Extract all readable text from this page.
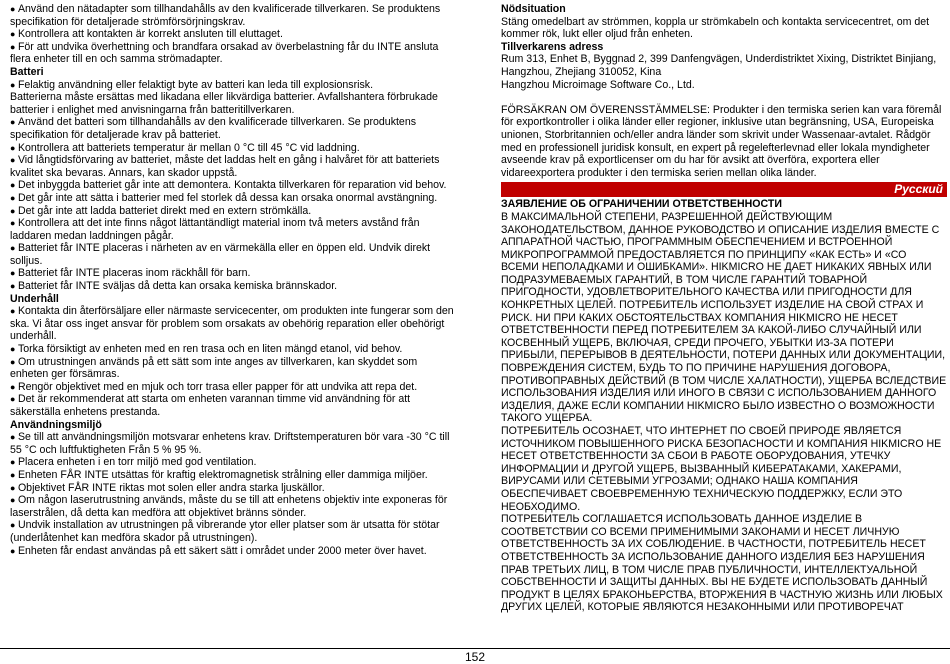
● Använd den nätadapter som tillhandahålls av den kvalificerade tillverkaren. Se produktens specifikation för detaljerade strömförsörjningskrav.

● Kontrollera att kontakten är korrekt ansluten till eluttaget.

● För att undvika överhettning och brandfara orsakad av överbelastning får du INTE ansluta flera enheter till en och samma strömadapter.

Batteri

● Felaktig användning eller felaktigt byte av batteri kan leda till explosionsrisk.

Batterierna måste ersättas med likadana eller likvärdiga batterier. Avfallshantera förbrukade batterier i enlighet med anvisningarna från batteritillverkaren.

● Använd det batteri som tillhandahålls av den kvalificerade tillverkaren. Se produktens specifikation för detaljerade krav på batteriet.

● Kontrollera att batteriets temperatur är mellan 0 °C till 45 °C vid laddning.

● Vid långtidsförvaring av batteriet, måste det laddas helt en gång i halvåret för att batteriets kvalitet ska bevaras. Annars, kan skador uppstå.

● Det inbyggda batteriet går inte att demontera. Kontakta tillverkaren för reparation vid behov.

● Det går inte att sätta i batterier med fel storlek då dessa kan orsaka onormal avstängning.

● Det går inte att ladda batteriet direkt med en extern strömkälla.

● Kontrollera att det inte finns något lättantändligt material inom två meters avstånd från laddaren medan laddningen pågår.

● Batteriet får INTE placeras i närheten av en värmekälla eller en öppen eld. Undvik direkt solljus.

● Batteriet får INTE placeras inom räckhåll för barn.

● Batteriet får INTE sväljas då detta kan orsaka kemiska brännskador.

Underhåll

● Kontakta din återförsäljare eller närmaste servicecenter, om produkten inte fungerar som den ska. Vi åtar oss inget ansvar för problem som orsakats av obehörig reparation eller obehörigt underhåll.

● Torka försiktigt av enheten med en ren trasa och en liten mängd etanol, vid behov.

● Om utrustningen används på ett sätt som inte anges av tillverkaren, kan skyddet som enheten ger försämras.

● Rengör objektivet med en mjuk och torr trasa eller papper för att undvika att repa det.

● Det är rekommenderat att starta om enheten varannan timme vid användning för att säkerställa enhetens prestanda.

Användningsmiljö

● Se till att användningsmiljön motsvarar enhetens krav. Driftstemperaturen bör vara -30 °C till 55 °C och luftfuktigheten Från 5 % 95 %.

● Placera enheten i en torr miljö med god ventilation.

● Enheten FÅR INTE utsättas för kraftig elektromagnetisk strålning eller dammiga miljöer.

● Objektivet FÅR INTE riktas mot solen eller andra starka ljuskällor.

● Om någon laserutrustning används, måste du se till att enhetens objektiv inte exponeras för laserstrålen, då detta kan medföra att objektivet bränns sönder.

● Undvik installation av utrustningen på vibrerande ytor eller platser som är utsatta för stötar (underlåtenhet kan medföra skador på utrustningen).

● Enheten får endast användas på ett säkert sätt i området under 2000 meter över havet.

Nödsituation

Stäng omedelbart av strömmen, koppla ur strömkabeln och kontakta servicecentret, om det kommer rök, lukt eller oljud från enheten.

Tillverkarens adress

Rum 313, Enhet B, Byggnad 2, 399 Danfengvägen, Underdistriktet Xixing, Distriktet Binjiang, Hangzhou, Zhejiang 310052, Kina

Hangzhou Microimage Software Co., Ltd.

FÖRSÄKRAN OM ÖVERENSSTÄMMELSE: Produkter i den termiska serien kan vara föremål för exportkontroller i olika länder eller regioner, inklusive utan begränsning, USA, Europeiska unionen, Storbritannien och/eller andra länder som skrivit under Wassenaar-avtalet. Rådgör med en professionell juridisk konsult, en expert på regelefterlevnad eller lokala myndigheter avseende krav på exportlicenser om du har för avsikt att överföra, exportera eller vidareexportera produkter i den termiska serien mellan olika länder.

Русский

ЗАЯВЛЕНИЕ ОБ ОГРАНИЧЕНИИ ОТВЕТСТВЕННОСТИ

В МАКСИМАЛЬНОЙ СТЕПЕНИ, РАЗРЕШЕННОЙ ДЕЙСТВУЮЩИМ ЗАКОНОДАТЕЛЬСТВОМ, ДАННОЕ РУКОВОДСТВО И ОПИСАНИЕ ИЗДЕЛИЯ ВМЕСТЕ С АППАРАТНОЙ ЧАСТЬЮ, ПРОГРАММНЫМ ОБЕСПЕЧЕНИЕМ И ВСТРОЕННОЙ МИКРОПРОГРАММОЙ ПРЕДОСТАВЛЯЕТСЯ ПО ПРИНЦИПУ «КАК ЕСТЬ» И «СО ВСЕМИ НЕПОЛАДКАМИ И ОШИБКАМИ». HIKMICRO НЕ ДАЕТ НИКАКИХ ЯВНЫХ ИЛИ ПОДРАЗУМЕВАЕМЫХ ГАРАНТИЙ, В ТОМ ЧИСЛЕ ГАРАНТИЙ ТОВАРНОЙ ПРИГОДНОСТИ, УДОВЛЕТВОРИТЕЛЬНОГО КАЧЕСТВА ИЛИ ПРИГОДНОСТИ ДЛЯ КОНКРЕТНЫХ ЦЕЛЕЙ. ПОТРЕБИТЕЛЬ ИСПОЛЬЗУЕТ ИЗДЕЛИЕ НА СВОЙ СТРАХ И РИСК. НИ ПРИ КАКИХ ОБСТОЯТЕЛЬСТВАХ КОМПАНИЯ HIKMICRO НЕ НЕСЕТ ОТВЕТСТВЕННОСТИ ПЕРЕД ПОТРЕБИТЕЛЕМ ЗА КАКОЙ-ЛИБО СЛУЧАЙНЫЙ ИЛИ КОСВЕННЫЙ УЩЕРБ, ВКЛЮЧАЯ, СРЕДИ ПРОЧЕГО, УБЫТКИ ИЗ-ЗА ПОТЕРИ ПРИБЫЛИ, ПЕРЕРЫВОВ В ДЕЯТЕЛЬНОСТИ, ПОТЕРИ ДАННЫХ ИЛИ ДОКУМЕНТАЦИИ, ПОВРЕЖДЕНИЯ СИСТЕМ, БУДЬ ТО ПО ПРИЧИНЕ НАРУШЕНИЯ ДОГОВОРА, ПРОТИВОПРАВНЫХ ДЕЙСТВИЙ (В ТОМ ЧИСЛЕ ХАЛАТНОСТИ), УЩЕРБА ВСЛЕДСТВИЕ ИСПОЛЬЗОВАНИЯ ИЗДЕЛИЯ ИЛИ ИНОГО В СВЯЗИ С ИСПОЛЬЗОВАНИЕМ ДАННОГО ИЗДЕЛИЯ, ДАЖЕ ЕСЛИ КОМПАНИИ HIKMICRO БЫЛО ИЗВЕСТНО О ВОЗМОЖНОСТИ ТАКОГО УЩЕРБА.

ПОТРЕБИТЕЛЬ ОСОЗНАЕТ, ЧТО ИНТЕРНЕТ ПО СВОЕЙ ПРИРОДЕ ЯВЛЯЕТСЯ ИСТОЧНИКОМ ПОВЫШЕННОГО РИСКА БЕЗОПАСНОСТИ И КОМПАНИЯ HIKMICRO НЕ НЕСЕТ ОТВЕТСТВЕННОСТИ ЗА СБОИ В РАБОТЕ ОБОРУДОВАНИЯ, УТЕЧКУ ИНФОРМАЦИИ И ДРУГОЙ УЩЕРБ, ВЫЗВАННЫЙ КИБЕРАТАКАМИ, ХАКЕРАМИ, ВИРУСАМИ ИЛИ СЕТЕВЫМИ УГРОЗАМИ; ОДНАКО НАША КОМПАНИЯ ОБЕСПЕЧИВАЕТ СВОЕВРЕМЕННУЮ ТЕХНИЧЕСКУЮ ПОДДЕРЖКУ, ЕСЛИ ЭТО НЕОБХОДИМО.

ПОТРЕБИТЕЛЬ СОГЛАШАЕТСЯ ИСПОЛЬЗОВАТЬ ДАННОЕ ИЗДЕЛИЕ В СООТВЕТСТВИИ СО ВСЕМИ ПРИМЕНИМЫМИ ЗАКОНАМИ И НЕСЕТ ЛИЧНУЮ ОТВЕТСТВЕННОСТЬ ЗА ИХ СОБЛЮДЕНИЕ. В ЧАСТНОСТИ, ПОТРЕБИТЕЛЬ НЕСЕТ ОТВЕТСТВЕННОСТЬ ЗА ИСПОЛЬЗОВАНИЕ ДАННОГО ИЗДЕЛИЯ БЕЗ НАРУШЕНИЯ ПРАВ ТРЕТЬИХ ЛИЦ, В ТОМ ЧИСЛЕ ПРАВ ПУБЛИЧНОСТИ, ИНТЕЛЛЕКТУАЛЬНОЙ СОБСТВЕННОСТИ И ЗАЩИТЫ ДАННЫХ. ВЫ НЕ БУДЕТЕ ИСПОЛЬЗОВАТЬ ДАННЫЙ ПРОДУКТ В ЦЕЛЯХ БРАКОНЬЕРСТВА, ВТОРЖЕНИЯ В ЧАСТНУЮ ЖИЗНЬ ИЛИ ЛЮБЫХ ДРУГИХ ЦЕЛЕЙ, КОТОРЫЕ ЯВЛЯЮТСЯ НЕЗАКОННЫМИ ИЛИ ПРОТИВОРЕЧАТ

152
